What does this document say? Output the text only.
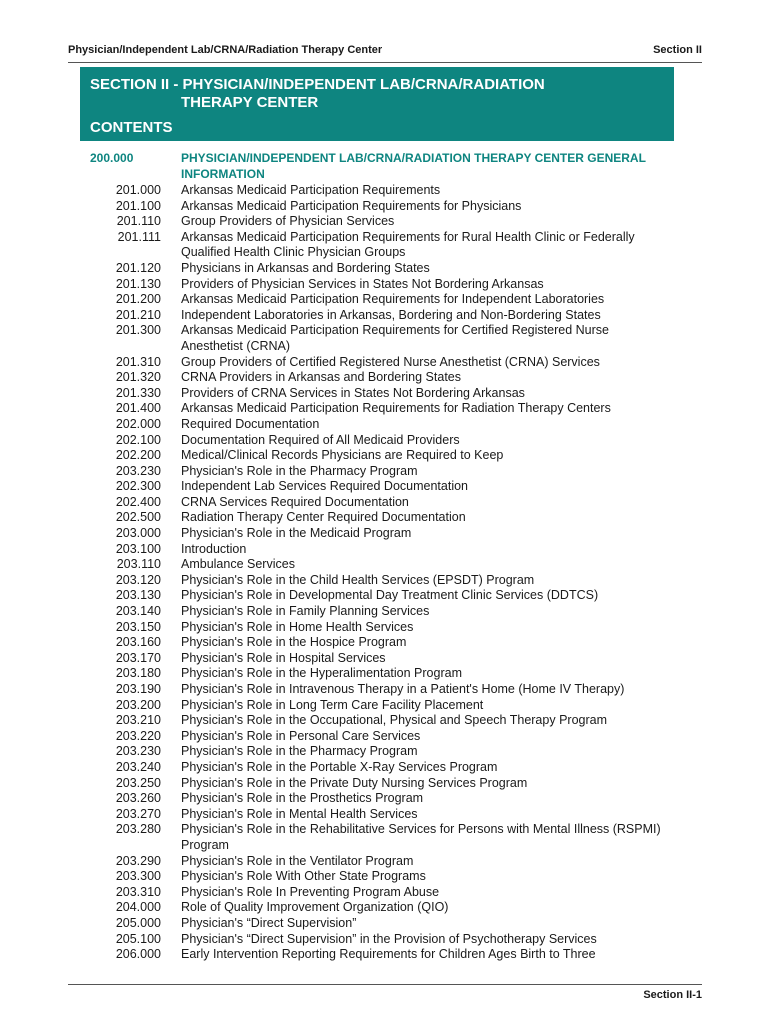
Physician/Independent Lab/CRNA/Radiation Therapy Center	Section II
SECTION II - PHYSICIAN/INDEPENDENT LAB/CRNA/RADIATION
THERAPY CENTER
CONTENTS
200.000	PHYSICIAN/INDEPENDENT LAB/CRNA/RADIATION THERAPY CENTER GENERAL INFORMATION
201.000 Arkansas Medicaid Participation Requirements
201.100 Arkansas Medicaid Participation Requirements for Physicians
201.110 Group Providers of Physician Services
201.111 Arkansas Medicaid Participation Requirements for Rural Health Clinic or Federally Qualified Health Clinic Physician Groups
201.120 Physicians in Arkansas and Bordering States
201.130 Providers of Physician Services in States Not Bordering Arkansas
201.200 Arkansas Medicaid Participation Requirements for Independent Laboratories
201.210 Independent Laboratories in Arkansas, Bordering and Non-Bordering States
201.300 Arkansas Medicaid Participation Requirements for Certified Registered Nurse Anesthetist (CRNA)
201.310 Group Providers of Certified Registered Nurse Anesthetist (CRNA) Services
201.320 CRNA Providers in Arkansas and Bordering States
201.330 Providers of CRNA Services in States Not Bordering Arkansas
201.400 Arkansas Medicaid Participation Requirements for Radiation Therapy Centers
202.000 Required Documentation
202.100 Documentation Required of All Medicaid Providers
202.200 Medical/Clinical Records Physicians are Required to Keep
203.230 Physician's Role in the Pharmacy Program
202.300 Independent Lab Services Required Documentation
202.400 CRNA Services Required Documentation
202.500 Radiation Therapy Center Required Documentation
203.000 Physician's Role in the Medicaid Program
203.100 Introduction
203.110 Ambulance Services
203.120 Physician's Role in the Child Health Services (EPSDT) Program
203.130 Physician's Role in Developmental Day Treatment Clinic Services (DDTCS)
203.140 Physician's Role in Family Planning Services
203.150 Physician's Role in Home Health Services
203.160 Physician's Role in the Hospice Program
203.170 Physician's Role in Hospital Services
203.180 Physician's Role in the Hyperalimentation Program
203.190 Physician's Role in Intravenous Therapy in a Patient's Home (Home IV Therapy)
203.200 Physician's Role in Long Term Care Facility Placement
203.210 Physician's Role in the Occupational, Physical and Speech Therapy Program
203.220 Physician's Role in Personal Care Services
203.230 Physician's Role in the Pharmacy Program
203.240 Physician's Role in the Portable X-Ray Services Program
203.250 Physician's Role in the Private Duty Nursing Services Program
203.260 Physician's Role in the Prosthetics Program
203.270 Physician's Role in Mental Health Services
203.280 Physician's Role in the Rehabilitative Services for Persons with Mental Illness (RSPMI) Program
203.290 Physician's Role in the Ventilator Program
203.300 Physician's Role With Other State Programs
203.310 Physician's Role In Preventing Program Abuse
204.000 Role of Quality Improvement Organization (QIO)
205.000 Physician's “Direct Supervision”
205.100 Physician's “Direct Supervision” in the Provision of Psychotherapy Services
206.000 Early Intervention Reporting Requirements for Children Ages Birth to Three
Section II-1
